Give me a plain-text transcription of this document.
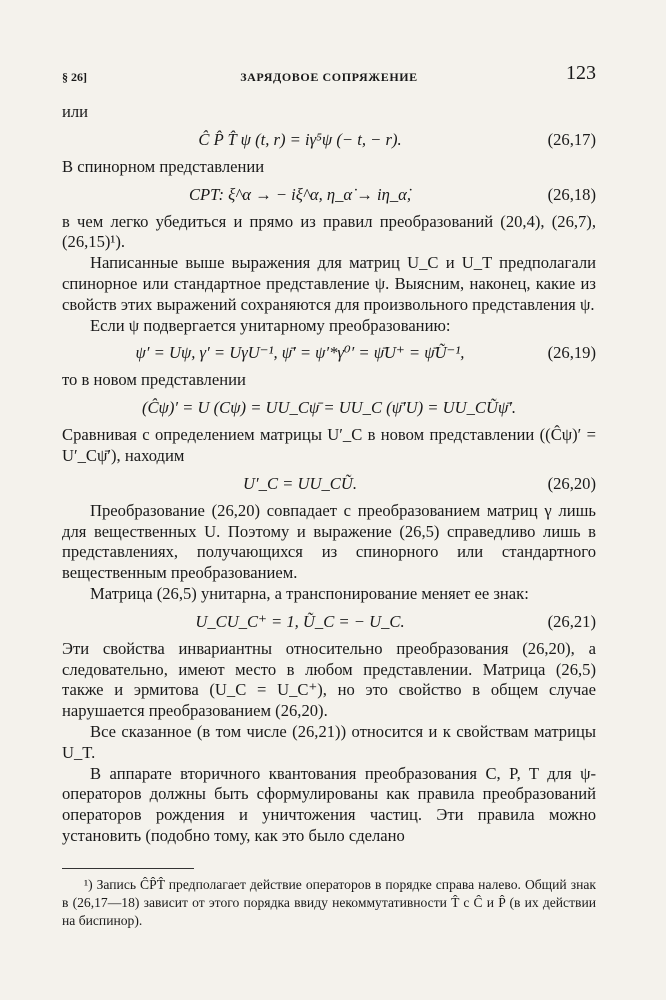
§ 26]	ЗАРЯДОВОЕ СОПРЯЖЕНИЕ	123

или

Ĉ P̂ T̂ ψ (t, r) = iγ⁵ψ (− t, − r).	(26,17)

В спинорном представлении

CPT: ξ^α → − iξ^α, η_α̇ → iη_α̇,	(26,18)

в чем легко убедиться и прямо из правил преобразований (20,4), (26,7), (26,15)¹).

Написанные выше выражения для матриц U_C и U_T предполагали спинорное или стандартное представление ψ. Выясним, наконец, какие из свойств этих выражений сохраняются для произвольного представления ψ.

Если ψ подвергается унитарному преобразованию:

ψ′ = Uψ, γ′ = UγU⁻¹, ψ̄′ = ψ′*γ⁰′ = ψ̄U⁺ = ψ̄Ũ⁻¹,	(26,19)

то в новом представлении

(Ĉψ)′ = U (Cψ) = UU_Cψ̄ = UU_C (ψ̄′U) = UU_CŨψ̄′.

Сравнивая с определением матрицы U′_C в новом представлении ((Ĉψ)′ = U′_Cψ̄′), находим

U′_C = UU_CŨ.	(26,20)

Преобразование (26,20) совпадает с преобразованием матриц γ лишь для вещественных U. Поэтому и выражение (26,5) справедливо лишь в представлениях, получающихся из спинорного или стандартного вещественным преобразованием.

Матрица (26,5) унитарна, а транспонирование меняет ее знак:

U_CU_C⁺ = 1, Ũ_C = − U_C.	(26,21)

Эти свойства инвариантны относительно преобразования (26,20), а следовательно, имеют место в любом представлении. Матрица (26,5) также и эрмитова (U_C = U_C⁺), но это свойство в общем случае нарушается преобразованием (26,20).

Все сказанное (в том числе (26,21)) относится и к свойствам матрицы U_T.

В аппарате вторичного квантования преобразования C, P, T для ψ-операторов должны быть сформулированы как правила преобразований операторов рождения и уничтожения частиц. Эти правила можно установить (подобно тому, как это было сделано

¹) Запись ĈP̂T̂ предполагает действие операторов в порядке справа налево. Общий знак в (26,17—18) зависит от этого порядка ввиду некоммутативности T̂ с Ĉ и P̂ (в их действии на биспинор).
